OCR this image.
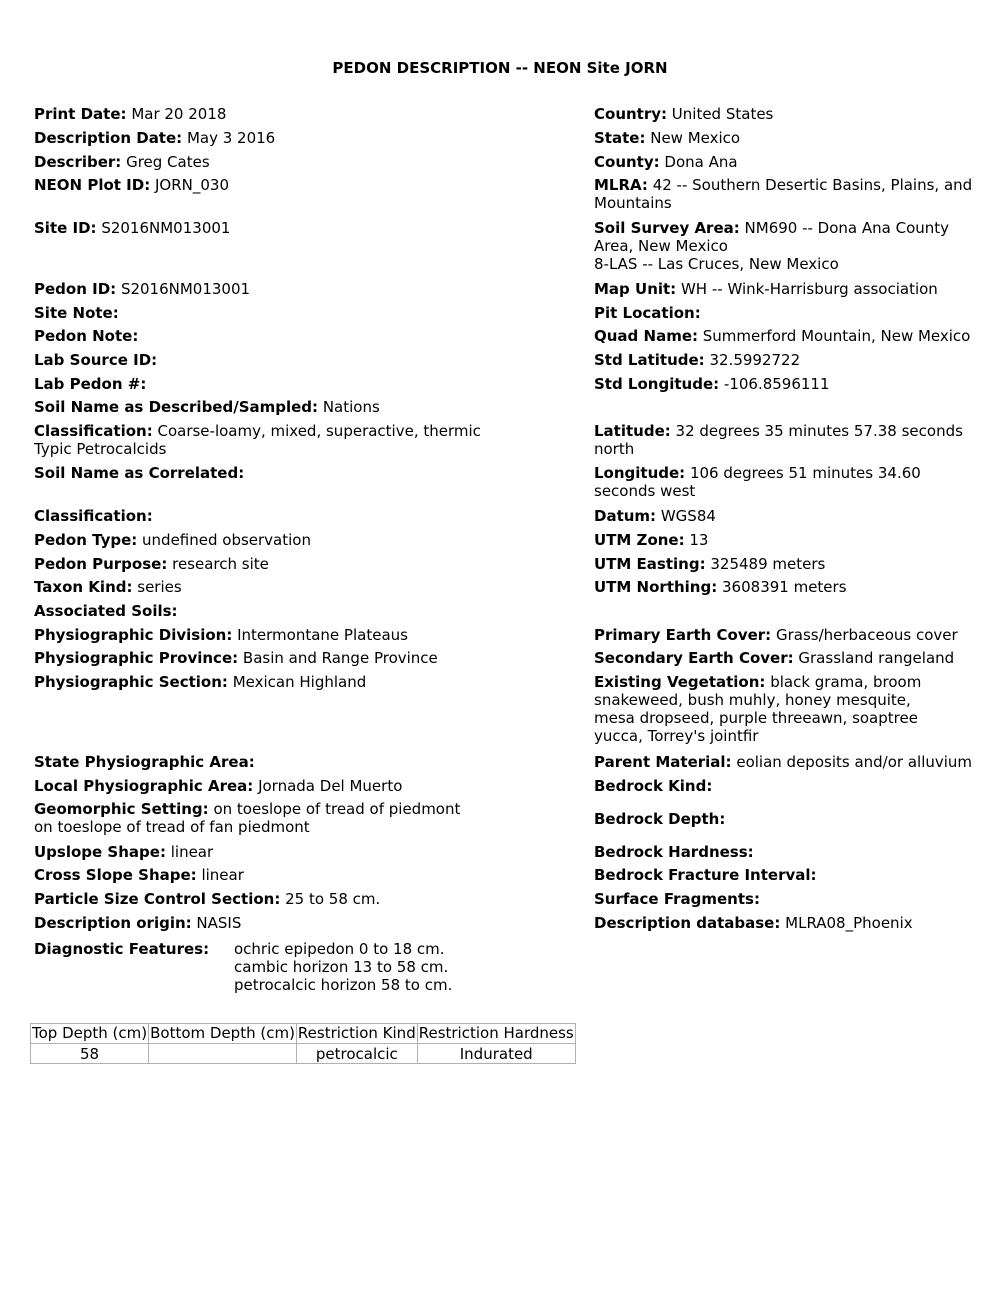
PEDON DESCRIPTION -- NEON Site JORN
Print Date: Mar 20 2018
Description Date: May 3 2016
Describer: Greg Cates
NEON Plot ID: JORN_030
Site ID: S2016NM013001
Pedon ID: S2016NM013001
Site Note:
Pedon Note:
Lab Source ID:
Lab Pedon #:
Soil Name as Described/Sampled: Nations
Classification: Coarse-loamy, mixed, superactive, thermic Typic Petrocalcids
Soil Name as Correlated:
Classification:
Pedon Type: undefined observation
Pedon Purpose: research site
Taxon Kind: series
Associated Soils:
Physiographic Division: Intermontane Plateaus
Physiographic Province: Basin and Range Province
Physiographic Section: Mexican Highland
State Physiographic Area:
Local Physiographic Area: Jornada Del Muerto
Geomorphic Setting: on toeslope of tread of piedmont
on toeslope of tread of fan piedmont
Upslope Shape: linear
Cross Slope Shape: linear
Particle Size Control Section: 25 to 58 cm.
Description origin: NASIS
Diagnostic Features: ochric epipedon 0 to 18 cm.
cambic horizon 13 to 58 cm.
petrocalcic horizon 58 to cm.
Country: United States
State: New Mexico
County: Dona Ana
MLRA: 42 -- Southern Desertic Basins, Plains, and Mountains
Soil Survey Area: NM690 -- Dona Ana County Area, New Mexico
8-LAS -- Las Cruces, New Mexico
Map Unit: WH -- Wink-Harrisburg association
Pit Location:
Quad Name: Summerford Mountain, New Mexico
Std Latitude: 32.5992722
Std Longitude: -106.8596111
Latitude: 32 degrees 35 minutes 57.38 seconds north
Longitude: 106 degrees 51 minutes 34.60 seconds west
Datum: WGS84
UTM Zone: 13
UTM Easting: 325489 meters
UTM Northing: 3608391 meters
Primary Earth Cover: Grass/herbaceous cover
Secondary Earth Cover: Grassland rangeland
Existing Vegetation: black grama, broom snakeweed, bush muhly, honey mesquite, mesa dropseed, purple threeawn, soaptree yucca, Torrey's jointfir
Parent Material: eolian deposits and/or alluvium
Bedrock Kind:
Bedrock Depth:
Bedrock Hardness:
Bedrock Fracture Interval:
Surface Fragments:
Description database: MLRA08_Phoenix
Top Depth (cm)	Bottom Depth (cm)	Restriction Kind	Restriction Hardness
58		petrocalcic	Indurated
